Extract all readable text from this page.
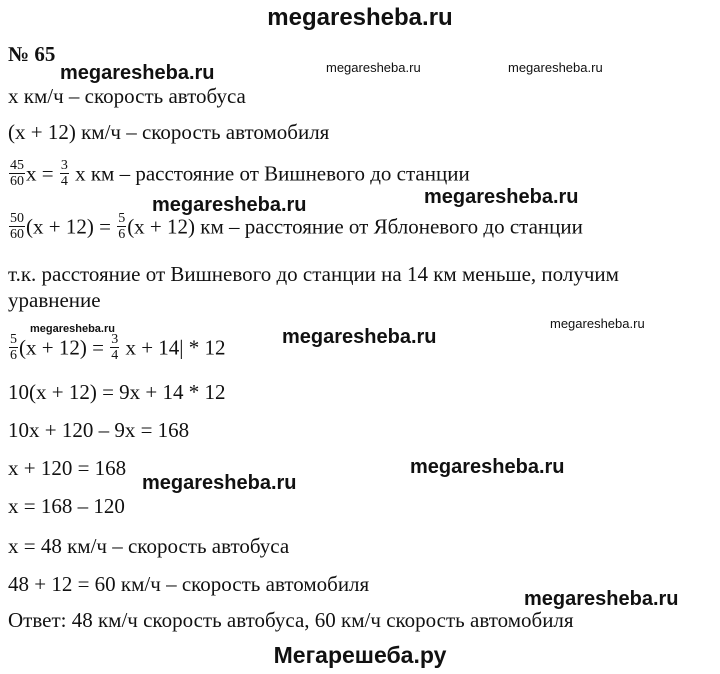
megaresheba.ru
№ 65
megaresheba.ru	megaresheba.ru	megaresheba.ru
megaresheba.ru
megaresheba.ru
megaresheba.ru	megaresheba.ru
megaresheba.ru
megaresheba.ru
megaresheba.ru
megaresheba.ru
x км/ч – скорость автобуса
(x + 12) км/ч – скорость автомобиля
$\frac{45}{60}$ $x = \frac{3}{4}$ x км – расстояние от Вишневого до станции
$\frac{50}{60} (x + 12) = \frac{5}{6} (x + 12)$ км – расстояние от Яблоневого до станции
т.к. расстояние от Вишневого до станции на 14 км меньше, получим
уравнение
$\frac{5}{6} (x + 12) = \frac{3}{4}$ x + 14| * 12
10(x + 12) = 9x + 14 * 12
10x + 120 – 9x = 168
x + 120 = 168
x = 168 – 120
x = 48 км/ч – скорость автобуса
48 + 12 = 60 км/ч – скорость автомобиля
Ответ: 48 км/ч скорость автобуса, 60 км/ч скорость автомобиля
Мегарешеба.ру
